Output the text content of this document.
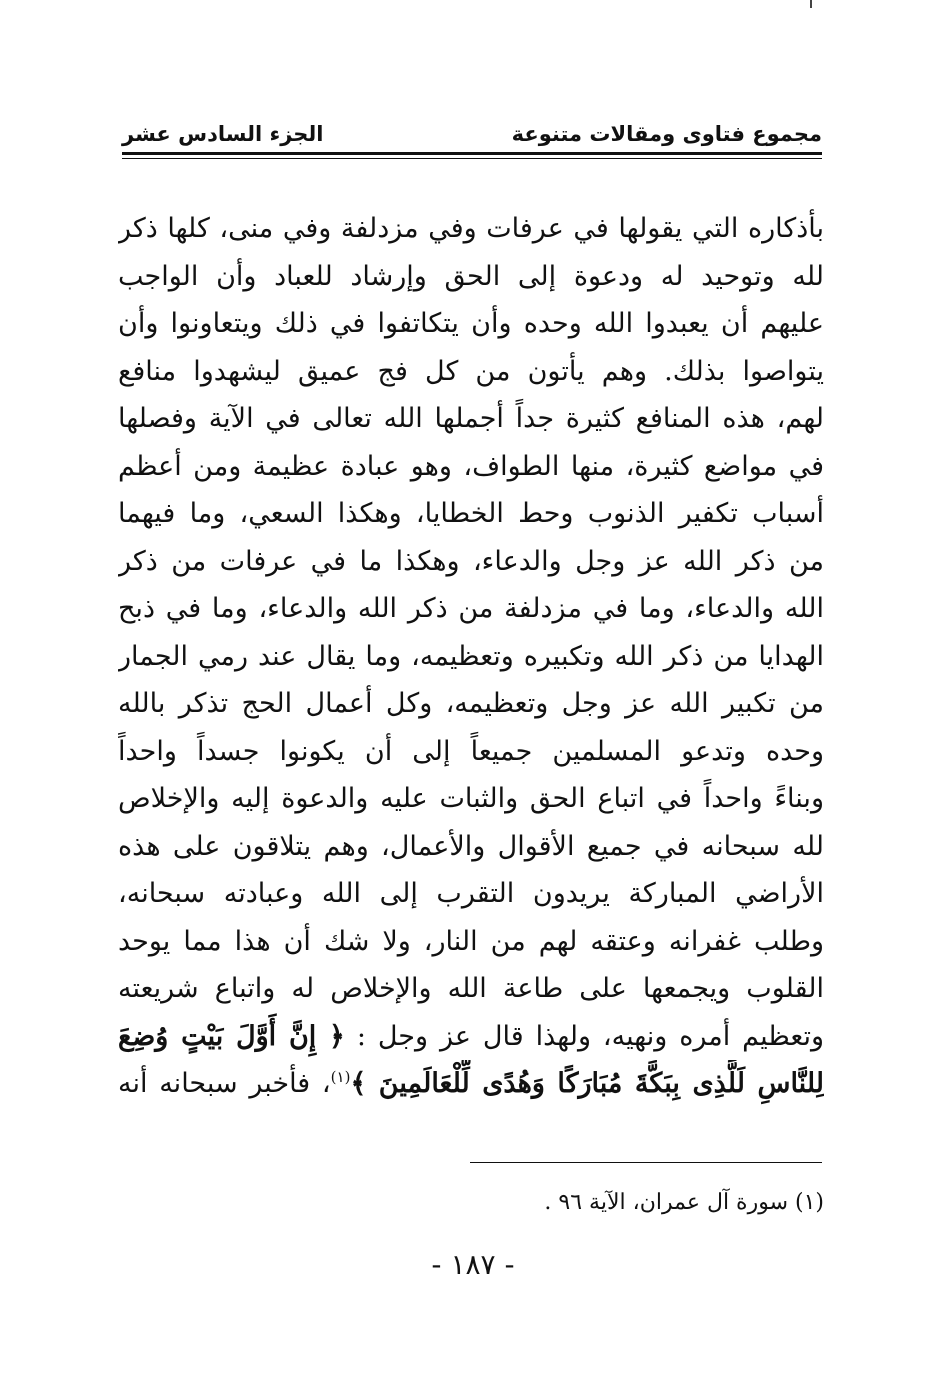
مجموع فتاوى ومقالات متنوعة
الجزء السادس عشر
بأذكاره التي يقولها في عرفات وفي مزدلفة وفي منى، كلها ذكر
لله وتوحيد له ودعوة إلى الحق وإرشاد للعباد وأن الواجب
عليهم أن يعبدوا الله وحده وأن يتكاتفوا في ذلك ويتعاونوا وأن
يتواصوا بذلك. وهم يأتون من كل فج عميق ليشهدوا منافع
لهم، هذه المنافع كثيرة جداً أجملها الله تعالى في الآية وفصلها
في مواضع كثيرة، منها الطواف، وهو عبادة عظيمة ومن أعظم
أسباب تكفير الذنوب وحط الخطايا، وهكذا السعي، وما فيهما
من ذكر الله عز وجل والدعاء، وهكذا ما في عرفات من ذكر
الله والدعاء، وما في مزدلفة من ذكر الله والدعاء، وما في ذبح
الهدايا من ذكر الله وتكبيره وتعظيمه، وما يقال عند رمي الجمار
من تكبير الله عز وجل وتعظيمه، وكل أعمال الحج تذكر بالله
وحده وتدعو المسلمين جميعاً إلى أن يكونوا جسداً واحداً
وبناءً واحداً في اتباع الحق والثبات عليه والدعوة إليه والإخلاص
لله سبحانه في جميع الأقوال والأعمال، وهم يتلاقون على هذه
الأراضي المباركة يريدون التقرب إلى الله وعبادته سبحانه،
وطلب غفرانه وعتقه لهم من النار، ولا شك أن هذا مما يوحد
القلوب ويجمعها على طاعة الله والإخلاص له واتباع شريعته
وتعظيم أمره ونهيه، ولهذا قال عز وجل : ﴿ إِنَّ أَوَّلَ بَيْتٍ وُضِعَ
لِلنَّاسِ لَلَّذِى بِبَكَّةَ مُبَارَكًا وَهُدًى لِّلْعَالَمِينَ ﴾$^{(١)}$، فأخبر سبحانه أنه
(١) سورة آل عمران، الآية ٩٦ .
- ١٨٧ -
